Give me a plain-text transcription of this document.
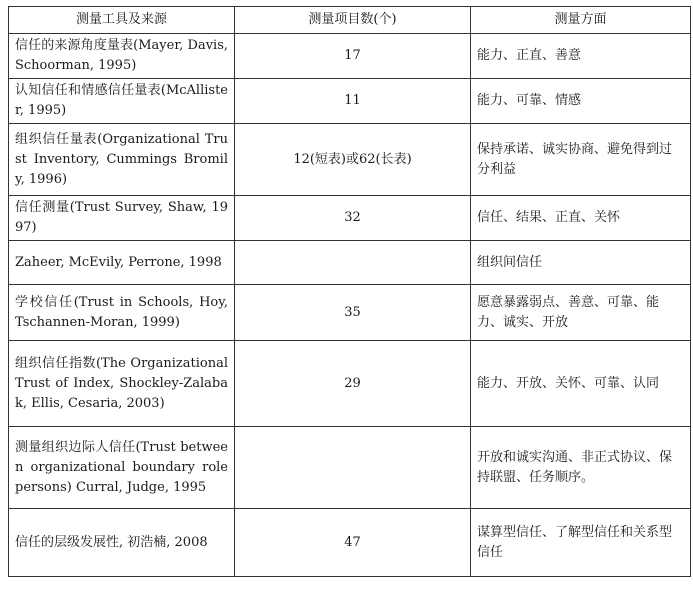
测量工具及来源	测量项目数(个)	测量方面
信任的来源角度量表(Mayer, Davis, Schoorman, 1995)	17	能力、正直、善意
认知信任和情感信任量表(McAllister, 1995)	11	能力、可靠、情感
组织信任量表(Organizational Trust Inventory, Cummings Bromily, 1996)	12(短表)或62(长表)	保持承诺、诚实协商、避免得到过分利益
信任测量(Trust Survey, Shaw, 1997)	32	信任、结果、正直、关怀
Zaheer, McEvily, Perrone, 1998		组织间信任
学校信任(Trust in Schools, Hoy, Tschannen-Moran, 1999)	35	愿意暴露弱点、善意、可靠、能力、诚实、开放
组织信任指数(The Organizational Trust of Index, Shockley-Zalabak, Ellis, Cesaria, 2003)	29	能力、开放、关怀、可靠、认同
测量组织边际人信任(Trust between organizational boundary role persons) Curral, Judge, 1995		开放和诚实沟通、非正式协议、保持联盟、任务顺序。
信任的层级发展性, 初浩楠, 2008	47	谋算型信任、了解型信任和关系型信任
